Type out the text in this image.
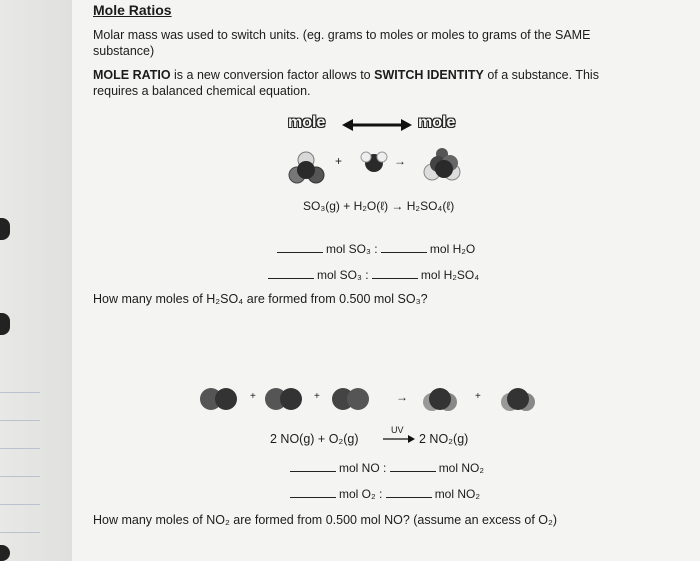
Mole Ratios
Molar mass was used to switch units. (eg. grams to moles or moles to grams of the SAME substance)
MOLE RATIO is a new conversion factor allows to SWITCH IDENTITY of a substance. This requires a balanced chemical equation.
mole	mole
+	→
SO₃(g) + H₂O(ℓ) → H₂SO₄(ℓ)
mol SO₃ :	mol H₂O
mol SO₃ :	mol H₂SO₄
How many moles of H₂SO₄ are formed from 0.500 mol SO₃?
+	+	→	+
2 NO(g) + O₂(g)
UV
→ 2 NO₂(g)
mol NO :	mol NO₂
mol O₂ :	mol NO₂
How many moles of NO₂ are formed from 0.500 mol NO? (assume an excess of O₂)
